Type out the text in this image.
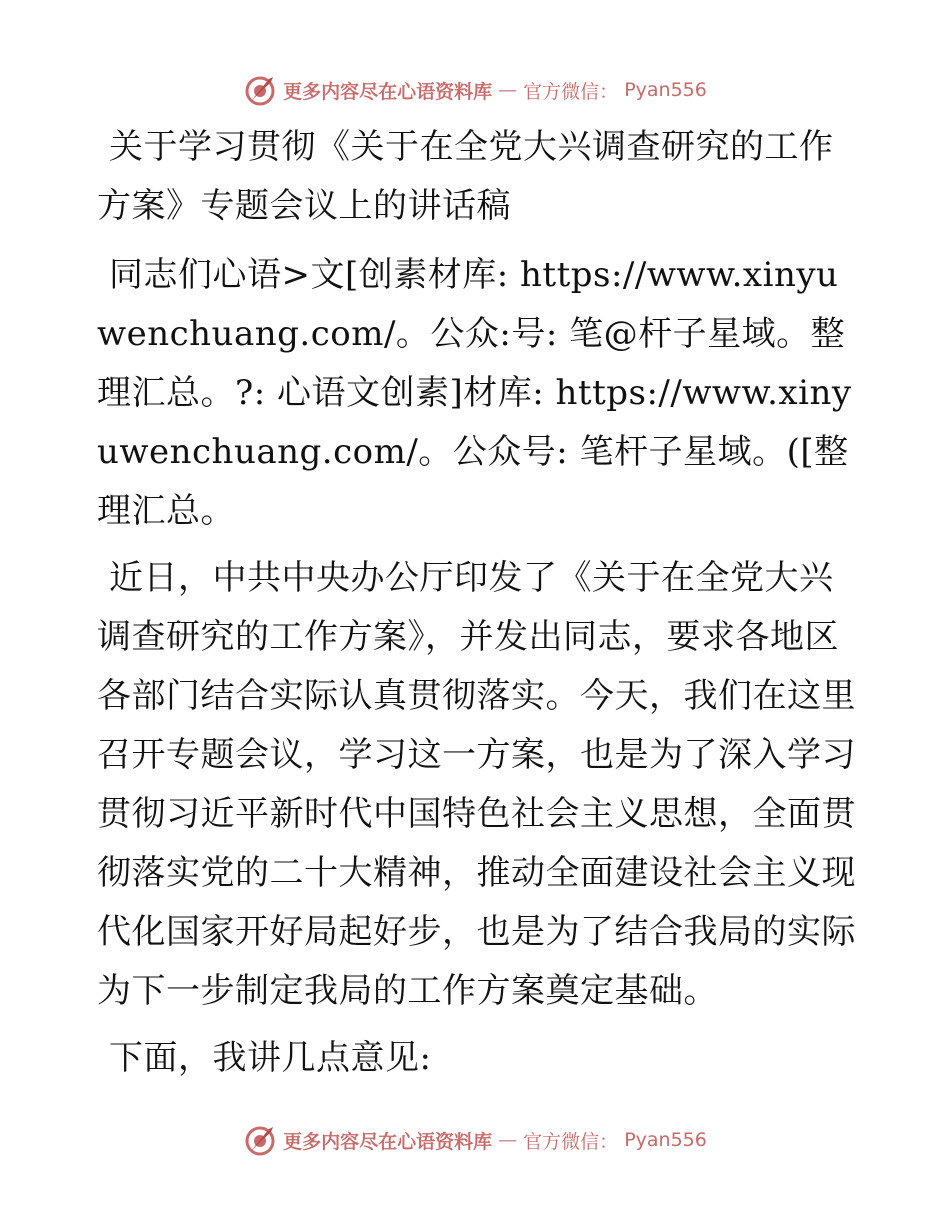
更多内容尽在心语资料库 — 官方微信： Pyan556

关于学习贯彻《关于在全党大兴调查研究的工作方案》专题会议上的讲话稿

同志们心语>文[创素材库: https://www.xinyuwenchuang.com/。公众:号: 笔@杆子星域。整理汇总。?: 心语文创素]材库: https://www.xinyuwenchuang.com/。公众号: 笔杆子星域。([整理汇总。

近日，中共中央办公厅印发了《关于在全党大兴调查研究的工作方案》，并发出同志，要求各地区各部门结合实际认真贯彻落实。今天，我们在这里召开专题会议，学习这一方案，也是为了深入学习贯彻习近平新时代中国特色社会主义思想，全面贯彻落实党的二十大精神，推动全面建设社会主义现代化国家开好局起好步，也是为了结合我局的实际为下一步制定我局的工作方案奠定基础。

下面，我讲几点意见:

更多内容尽在心语资料库 — 官方微信： Pyan556
